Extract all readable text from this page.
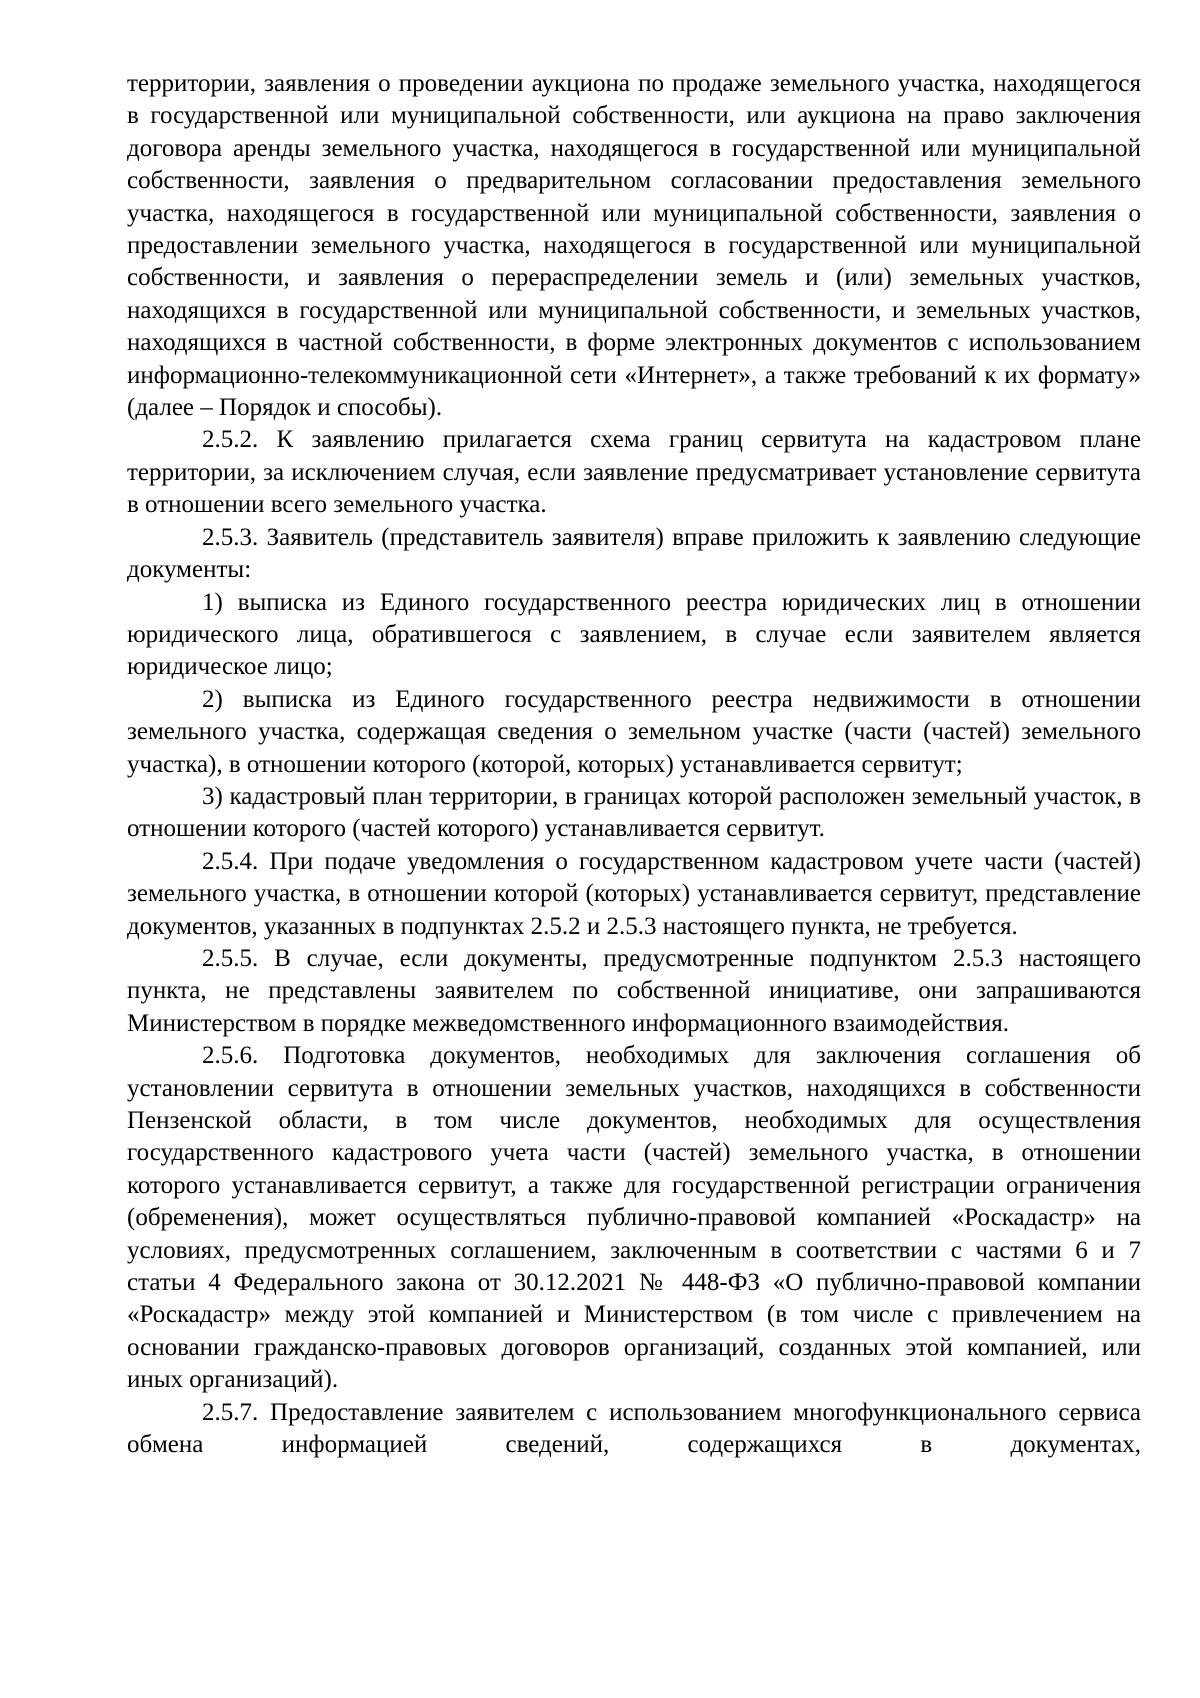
территории, заявления о проведении аукциона по продаже земельного участка, находящегося в государственной или муниципальной собственности, или аукциона на право заключения договора аренды земельного участка, находящегося в государственной или муниципальной собственности, заявления о предварительном согласовании предоставления земельного участка, находящегося в государственной или муниципальной собственности, заявления о предоставлении земельного участка, находящегося в государственной или муниципальной собственности, и заявления о перераспределении земель и (или) земельных участков, находящихся в государственной или муниципальной собственности, и земельных участков, находящихся в частной собственности, в форме электронных документов с использованием информационно-телекоммуникационной сети «Интернет», а также требований к их формату» (далее – Порядок и способы).

2.5.2. К заявлению прилагается схема границ сервитута на кадастровом плане территории, за исключением случая, если заявление предусматривает установление сервитута в отношении всего земельного участка.

2.5.3. Заявитель (представитель заявителя) вправе приложить к заявлению следующие документы:

1) выписка из Единого государственного реестра юридических лиц в отношении юридического лица, обратившегося с заявлением, в случае если заявителем является юридическое лицо;

2) выписка из Единого государственного реестра недвижимости в отношении земельного участка, содержащая сведения о земельном участке (части (частей) земельного участка), в отношении которого (которой, которых) устанавливается сервитут;

3) кадастровый план территории, в границах которой расположен земельный участок, в отношении которого (частей которого) устанавливается сервитут.

2.5.4. При подаче уведомления о государственном кадастровом учете части (частей) земельного участка, в отношении которой (которых) устанавливается сервитут, представление документов, указанных в подпунктах 2.5.2 и 2.5.3 настоящего пункта, не требуется.

2.5.5. В случае, если документы, предусмотренные подпунктом 2.5.3 настоящего пункта, не представлены заявителем по собственной инициативе, они запрашиваются Министерством в порядке межведомственного информационного взаимодействия.

2.5.6. Подготовка документов, необходимых для заключения соглашения об установлении сервитута в отношении земельных участков, находящихся в собственности Пензенской области, в том числе документов, необходимых для осуществления государственного кадастрового учета части (частей) земельного участка, в отношении которого устанавливается сервитут, а также для государственной регистрации ограничения (обременения), может осуществляться публично-правовой компанией «Роскадастр» на условиях, предусмотренных соглашением, заключенным в соответствии с частями 6 и 7 статьи 4 Федерального закона от 30.12.2021 № 448-ФЗ «О публично-правовой компании «Роскадастр» между этой компанией и Министерством (в том числе с привлечением на основании гражданско-правовых договоров организаций, созданных этой компанией, или иных организаций).

2.5.7. Предоставление заявителем с использованием многофункционального сервиса обмена информацией сведений, содержащихся в документах,
